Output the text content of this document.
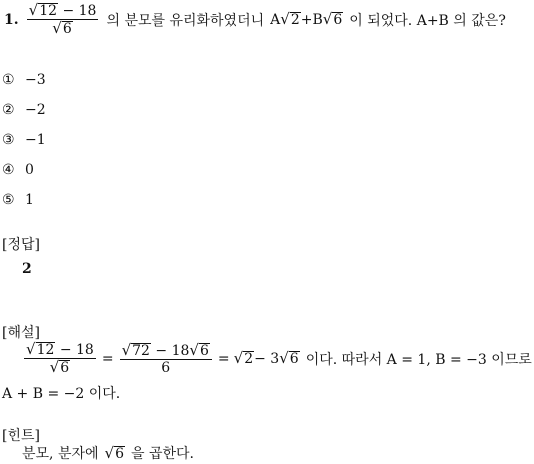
1. $\frac{√ 12 - 18}{√ 6}$ 의 분모를 유리화하였더니 A √ 2 +B √ 6 이 되었다. A+B 의 값은?
① −3
② −2
③ −1
④ 0
⑤ 1
[정답]
2
[해설]
$\frac{√ 12 - 18}{√ 6} = \frac{√ 72 - 18 √ 6}{6}$ = √ 2 − 3 √ 6 이다. 따라서 A = 1, B = −3 이므로
A + B = −2 이다.
[힌트]
분모, 분자에 √ 6 을 곱한다.
